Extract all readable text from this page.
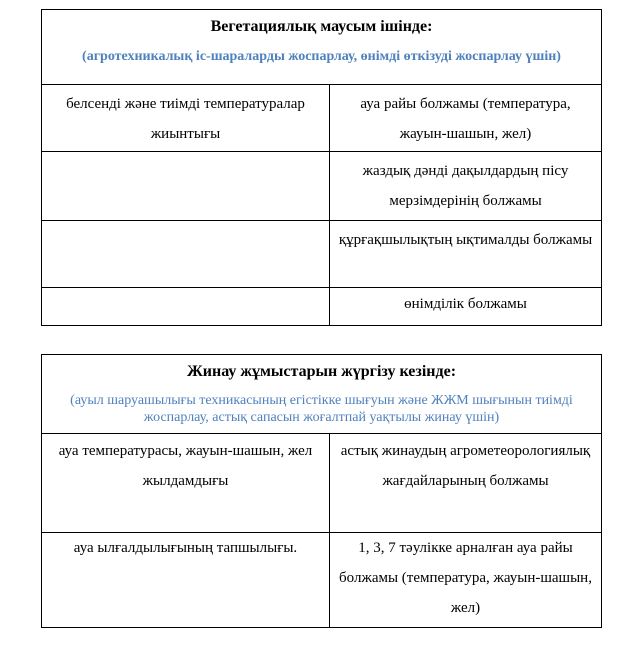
Вегетациялық маусым ішінде:
(агротехникалық іс-шараларды жоспарлау, өнімді өткізуді жоспарлау үшін)	

белсенді және тиімді температуралар жиынтығы	ауа райы болжамы (температура, жауын-шашын, жел)
	жаздық дәнді дақылдардың пісу мерзімдерінің болжамы
	құрғақшылықтың ықтималды болжамы
	өнімділік болжамы
Жинау жұмыстарын жүргізу кезінде:
(ауыл шаруашылығы техникасының егістікке шығуын және ЖЖМ шығынын тиімді жоспарлау, астық сапасын жоғалтпай уақтылы жинау үшін)	

ауа температурасы, жауын-шашын, жел жылдамдығы	астық жинаудың агрометеорологиялық жағдайларының болжамы
ауа ылғалдылығының тапшылығы.	1, 3, 7 тәулікке арналған ауа райы болжамы (температура, жауын-шашын, жел)
